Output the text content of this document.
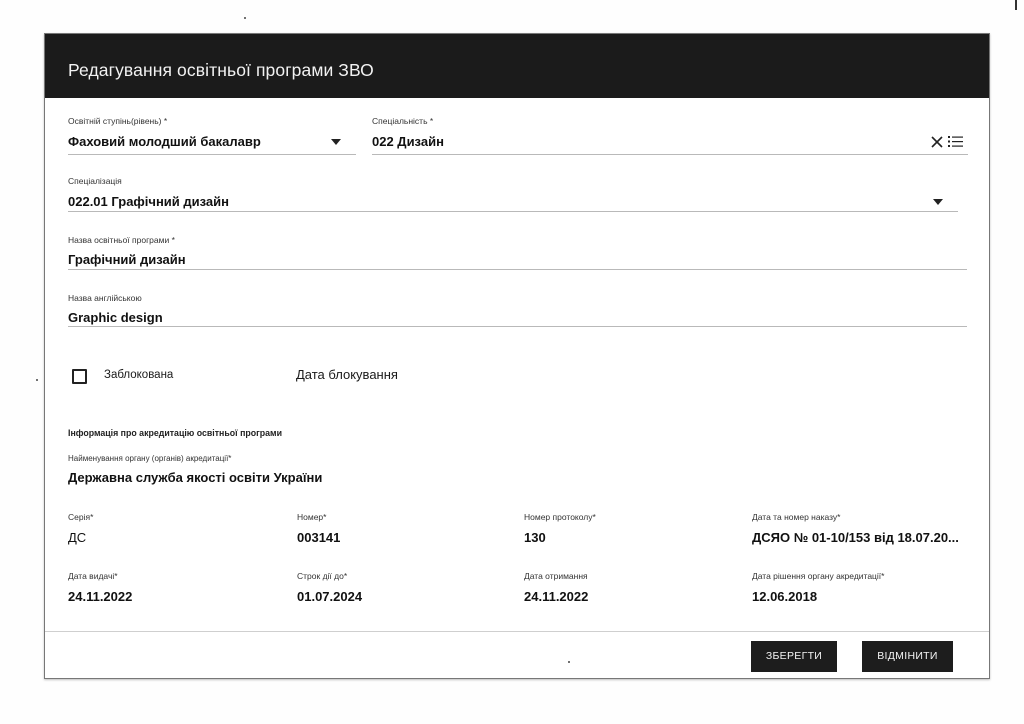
Редагування освітньої програми ЗВО
Освітній ступінь(рівень) *
Фаховий молодший бакалавр
Спеціальність *
022 Дизайн
Спеціалізація
022.01 Графічний дизайн
Назва освітньої програми *
Графічний дизайн
Назва англійською
Graphic design
Заблокована	Дата блокування
Інформація про акредитацію освітньої програми
Найменування органу (органів) акредитації*
Державна служба якості освіти України
Серія*
ДС
Номер*
003141
Номер протоколу*
130
Дата та номер наказу*
ДСЯО № 01-10/153 від 18.07.20...
Дата видачі*
24.11.2022
Строк дії до*
01.07.2024
Дата отримання
24.11.2022
Дата рішення органу акредитації*
12.06.2018
ЗБЕРЕГТИ	ВІДМІНИТИ
